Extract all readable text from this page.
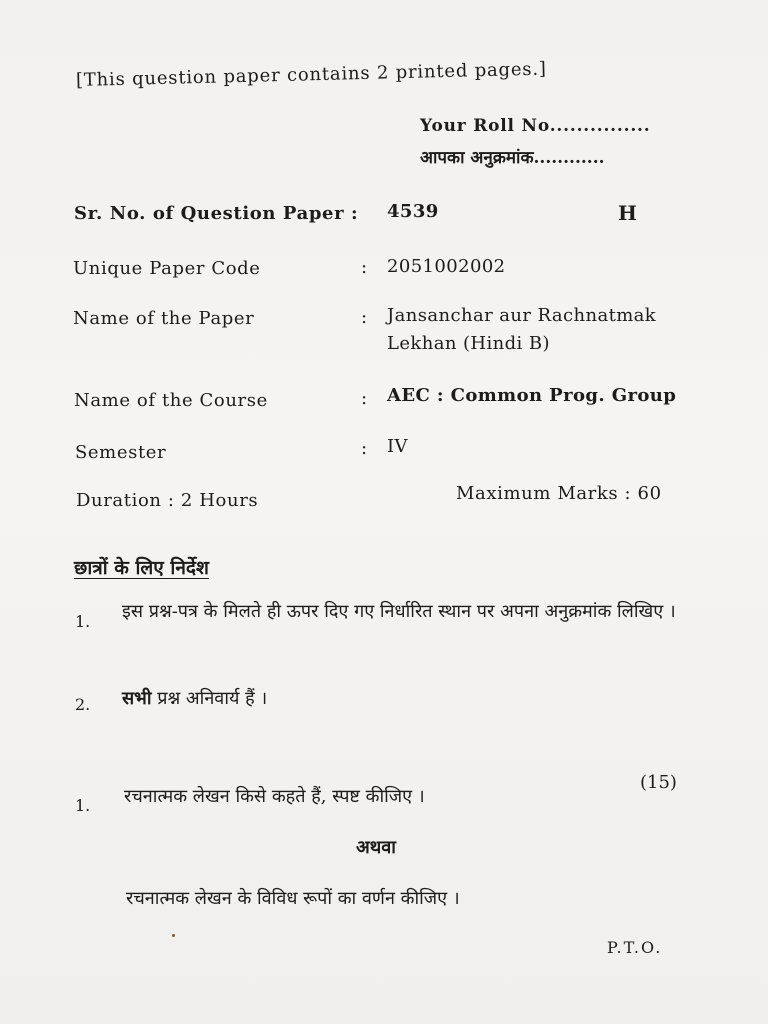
[This question paper contains 2 printed pages.]
Your Roll No...............
आपका अनुक्रमांक............
Sr. No. of Question Paper : 4539	H
Unique Paper Code	: 2051002002
Name of the Paper	: Jansanchar aur Rachnatmak Lekhan (Hindi B)
Name of the Course	: AEC : Common Prog. Group
Semester	: IV
Duration : 2 Hours	Maximum Marks : 60
छात्रों के लिए निर्देश
1. इस प्रश्न-पत्र के मिलते ही ऊपर दिए गए निर्धारित स्थान पर अपना अनुक्रमांक लिखिए ।
2. सभी प्रश्न अनिवार्य हैं ।
1. रचनात्मक लेखन किसे कहते हैं, स्पष्ट कीजिए ।
(15)
अथवा
रचनात्मक लेखन के विविध रूपों का वर्णन कीजिए ।
P.T.O.
